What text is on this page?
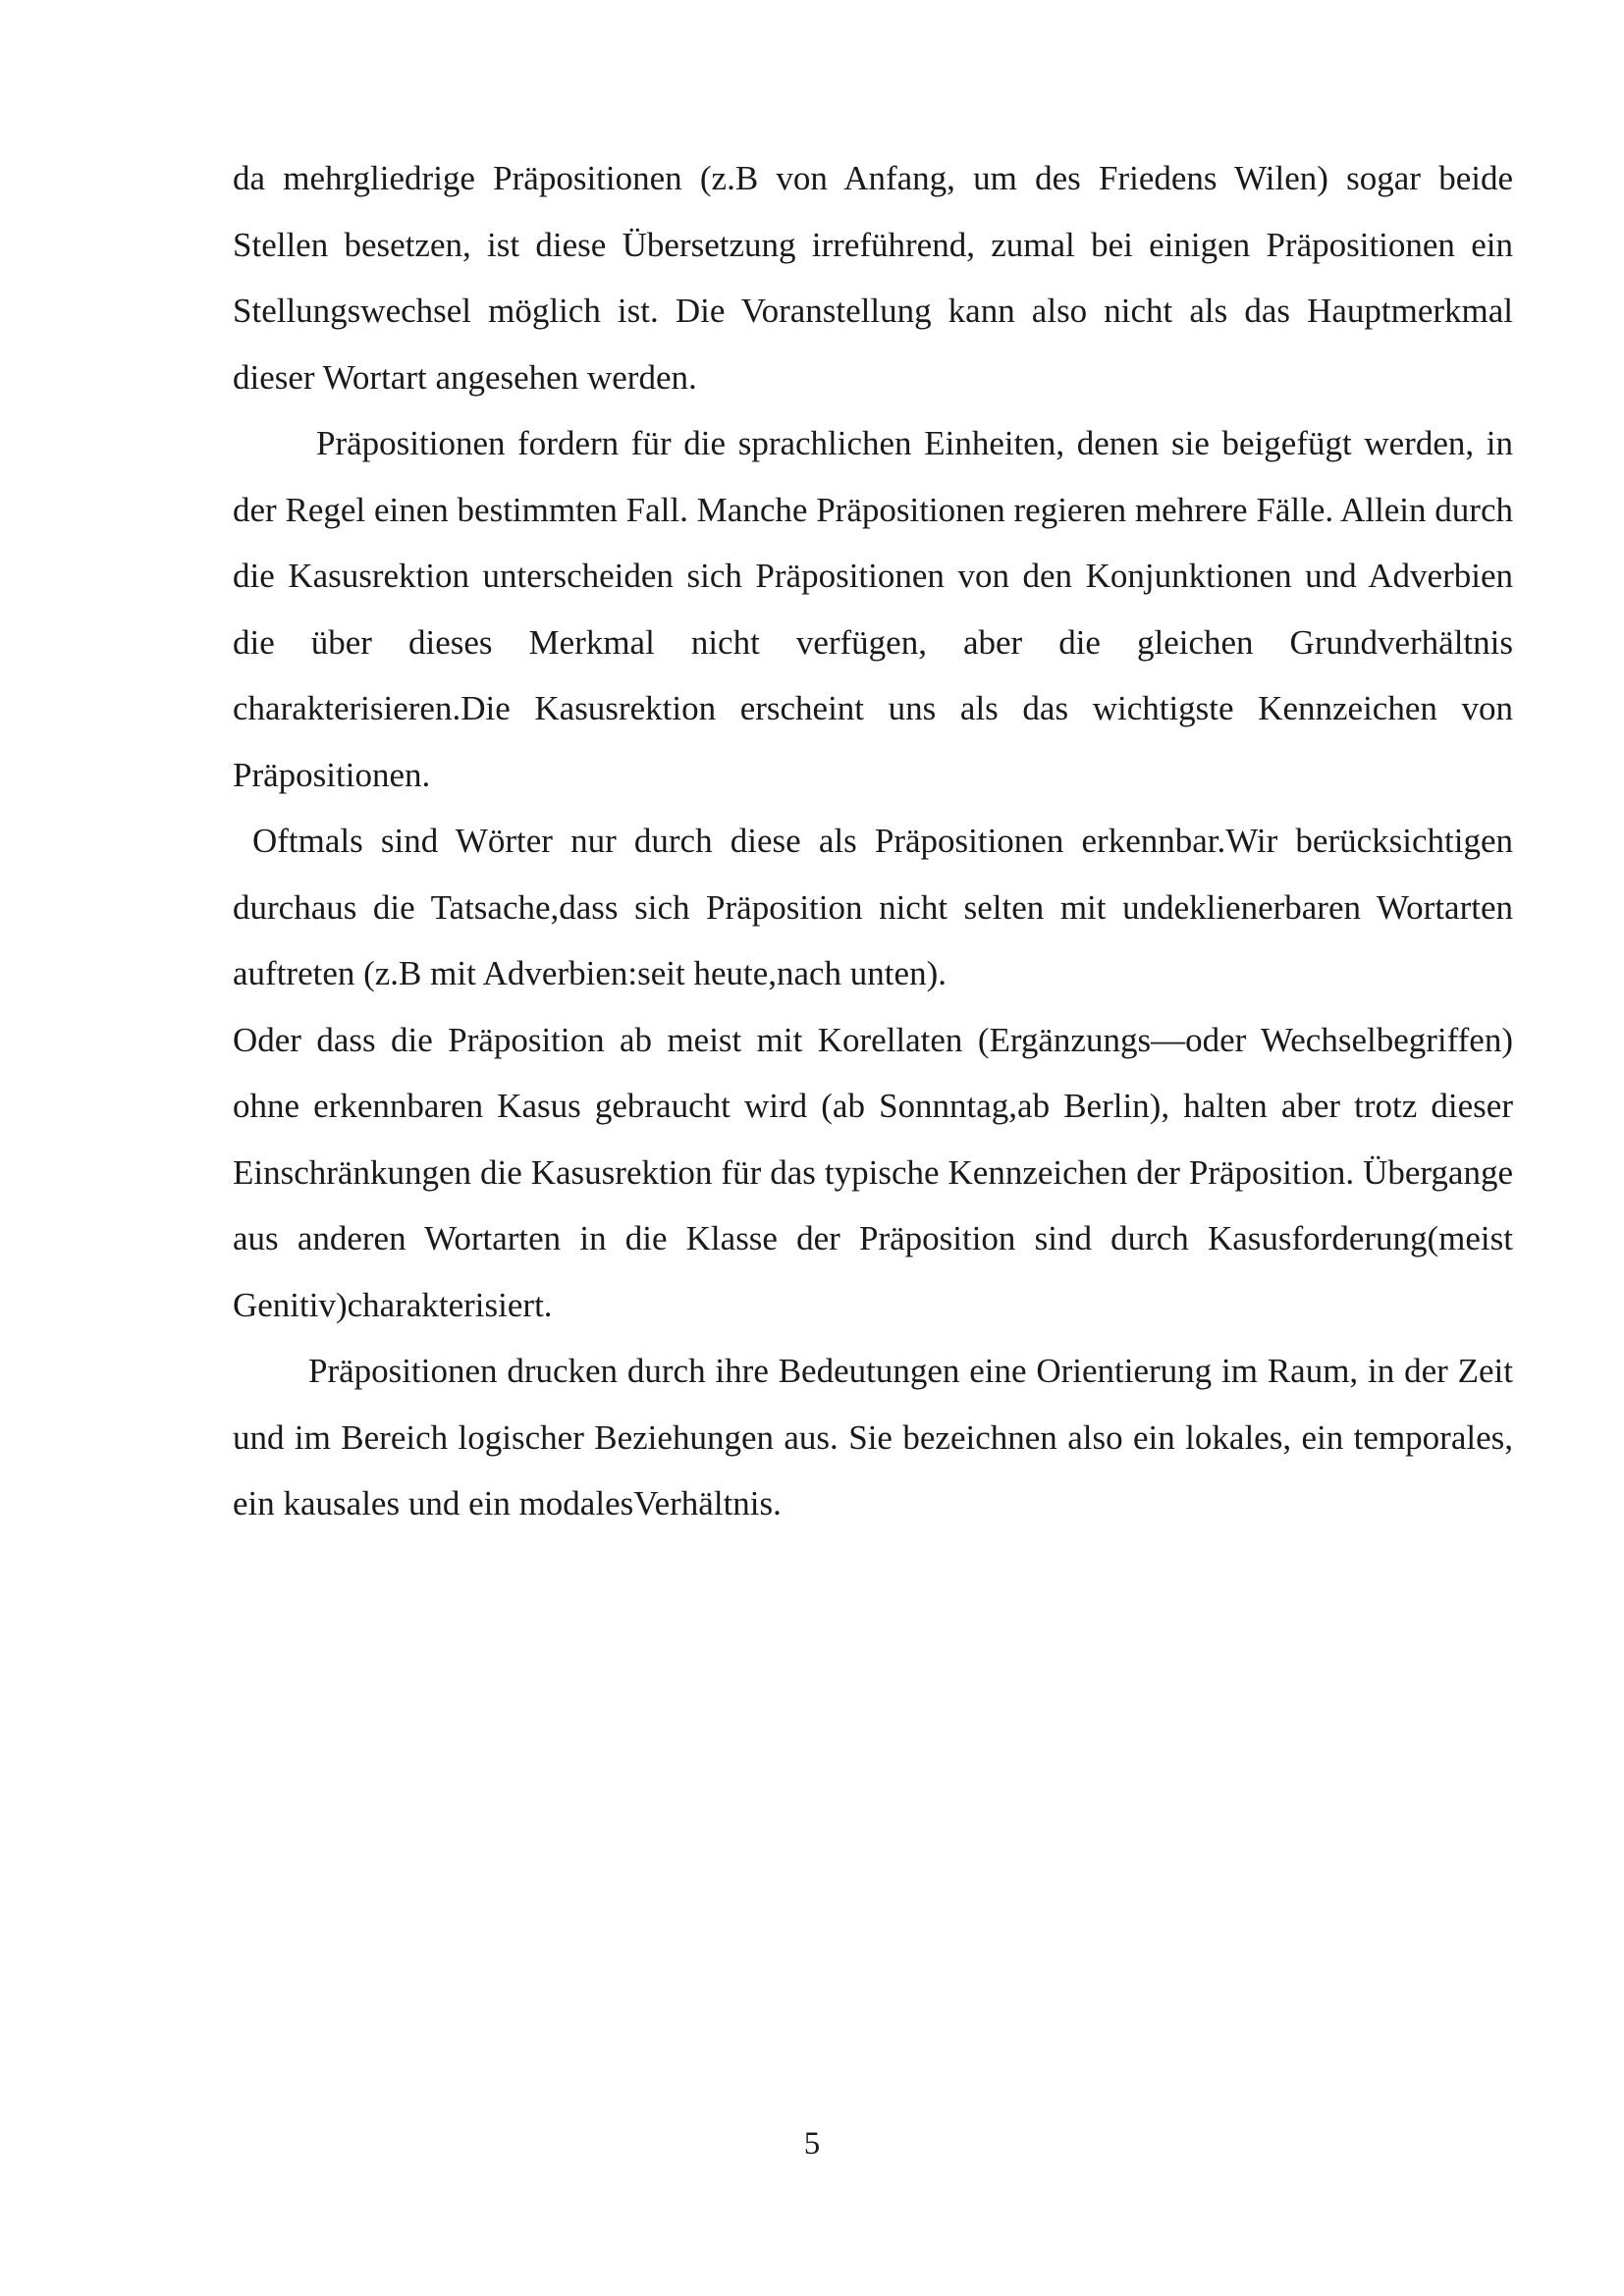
da mehrgliedrige Präpositionen (z.B von Anfang, um des Friedens Wilen) sogar beide Stellen besetzen, ist diese Übersetzung irreführend, zumal bei einigen Präpositionen ein Stellungswechsel möglich ist. Die Voranstellung kann also nicht als das Hauptmerkmal dieser Wortart angesehen werden.

Präpositionen fordern für die sprachlichen Einheiten, denen sie beigefügt werden, in der Regel einen bestimmten Fall. Manche Präpositionen regieren mehrere Fälle. Allein durch die Kasusrektion unterscheiden sich Präpositionen von den Konjunktionen und Adverbien die über dieses Merkmal nicht verfügen, aber die gleichen Grundverhältnis charakterisieren.Die Kasusrektion erscheint uns als das wichtigste Kennzeichen von Präpositionen.

Oftmals sind Wörter nur durch diese als Präpositionen erkennbar.Wir berücksichtigen durchaus die Tatsache,dass sich Präposition nicht selten mit undeklienerbaren Wortarten auftreten (z.B mit Adverbien:seit heute,nach unten).

Oder dass die Präposition ab meist mit Korellaten (Ergänzungs—oder Wechselbegriffen) ohne erkennbaren Kasus gebraucht wird (ab Sonnntag,ab Berlin), halten aber trotz dieser Einschränkungen die Kasusrektion für das typische Kennzeichen der Präposition. Übergange aus anderen Wortarten in die Klasse der Präposition sind durch Kasusforderung(meist Genitiv)charakterisiert.

Präpositionen drucken durch ihre Bedeutungen eine Orientierung im Raum, in der Zeit und im Bereich logischer Beziehungen aus. Sie bezeichnen also ein lokales, ein temporales, ein kausales und ein modalesVerhältnis.

5
